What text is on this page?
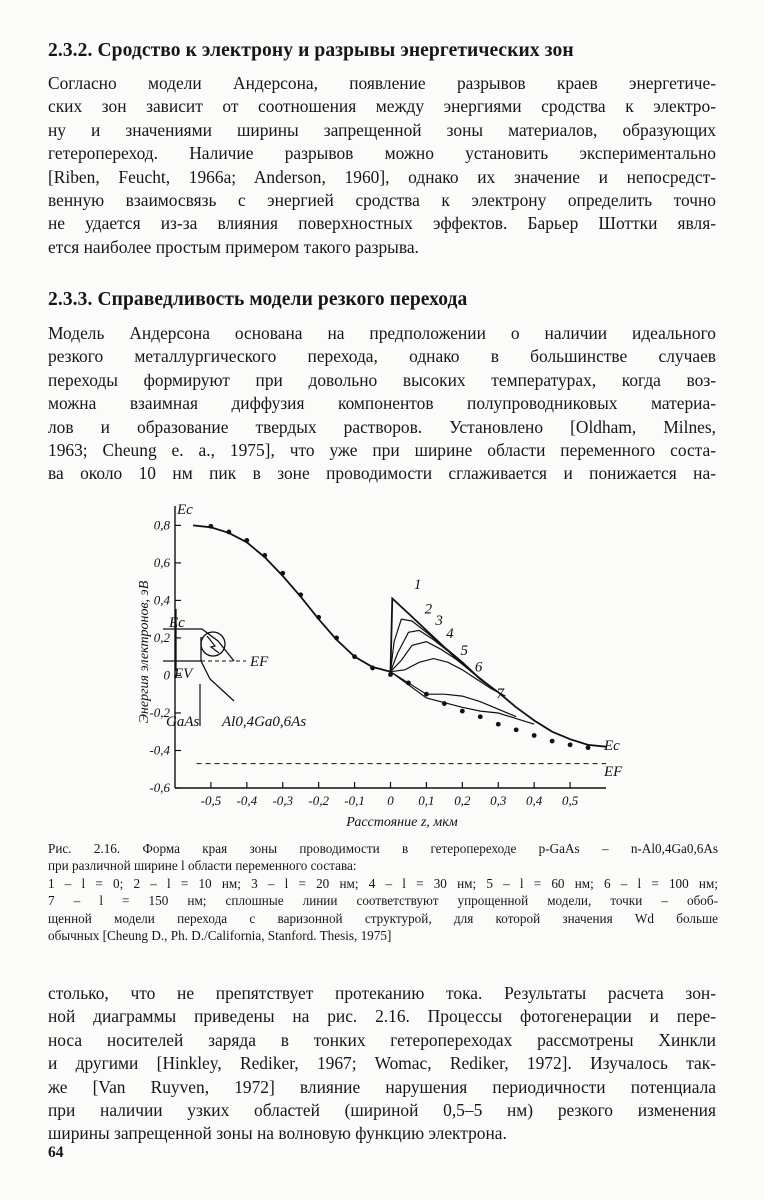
2.3.2. Сродство к электрону и разрывы энергетических зон
Согласно модели Андерсона, появление разрывов краев энергетиче-
ских зон зависит от соотношения между энергиями сродства к электро-
ну и значениями ширины запрещенной зоны материалов, образующих
гетеропереход. Наличие разрывов можно установить экспериментально
[Riben, Feucht, 1966a; Anderson, 1960], однако их значение и непосредст-
венную взаимосвязь с энергией сродства к электрону определить точно
не удается из-за влияния поверхностных эффектов. Барьер Шоттки явля-
ется наиболее простым примером такого разрыва.
2.3.3. Справедливость модели резкого перехода
Модель Андерсона основана на предположении о наличии идеального
резкого металлургического перехода, однако в большинстве случаев
переходы формируют при довольно высоких температурах, когда воз-
можна взаимная диффузия компонентов полупроводниковых материа-
лов и образование твердых растворов. Установлено [Oldham, Milnes,
1963; Cheung e. a., 1975], что уже при ширине области переменного соста-
ва около 10 нм пик в зоне проводимости сглаживается и понижается на-
-0,5 -0,4 -0,3 -0,2 -0,1 0 0,1 0,2 0,3 0,4 0,5
0,8
0,6
0,4
0,2
0
-0,2
-0,4
-0,6
1
2
3
4
5
6
7
Ec
EV
EF
GaAs Al0,4Ga0,6As
Ec
Ec
EF
Расстояние z, мкм
Энергия электронов, эВ
Рис. 2.16. Форма края зоны проводимости в гетеропереходе p-GaAs – n-Al0,4Ga0,6As
при различной ширине l области переменного состава:
1 – l = 0; 2 – l = 10 нм; 3 – l = 20 нм; 4 – l = 30 нм; 5 – l = 60 нм; 6 – l = 100 нм;
7 – l = 150 нм; сплошные линии соответствуют упрощенной модели, точки – обоб-
щенной модели перехода с варизонной структурой, для которой значения Wd больше
обычных [Cheung D., Ph. D./California, Stanford. Thesis, 1975]
столько, что не препятствует протеканию тока. Результаты расчета зон-
ной диаграммы приведены на рис. 2.16. Процессы фотогенерации и пере-
носа носителей заряда в тонких гетеропереходах рассмотрены Хинкли
и другими [Hinkley, Rediker, 1967; Womac, Rediker, 1972]. Изучалось так-
же [Van Ruyven, 1972] влияние нарушения периодичности потенциала
при наличии узких областей (шириной 0,5–5 нм) резкого изменения
ширины запрещенной зоны на волновую функцию электрона.
64
